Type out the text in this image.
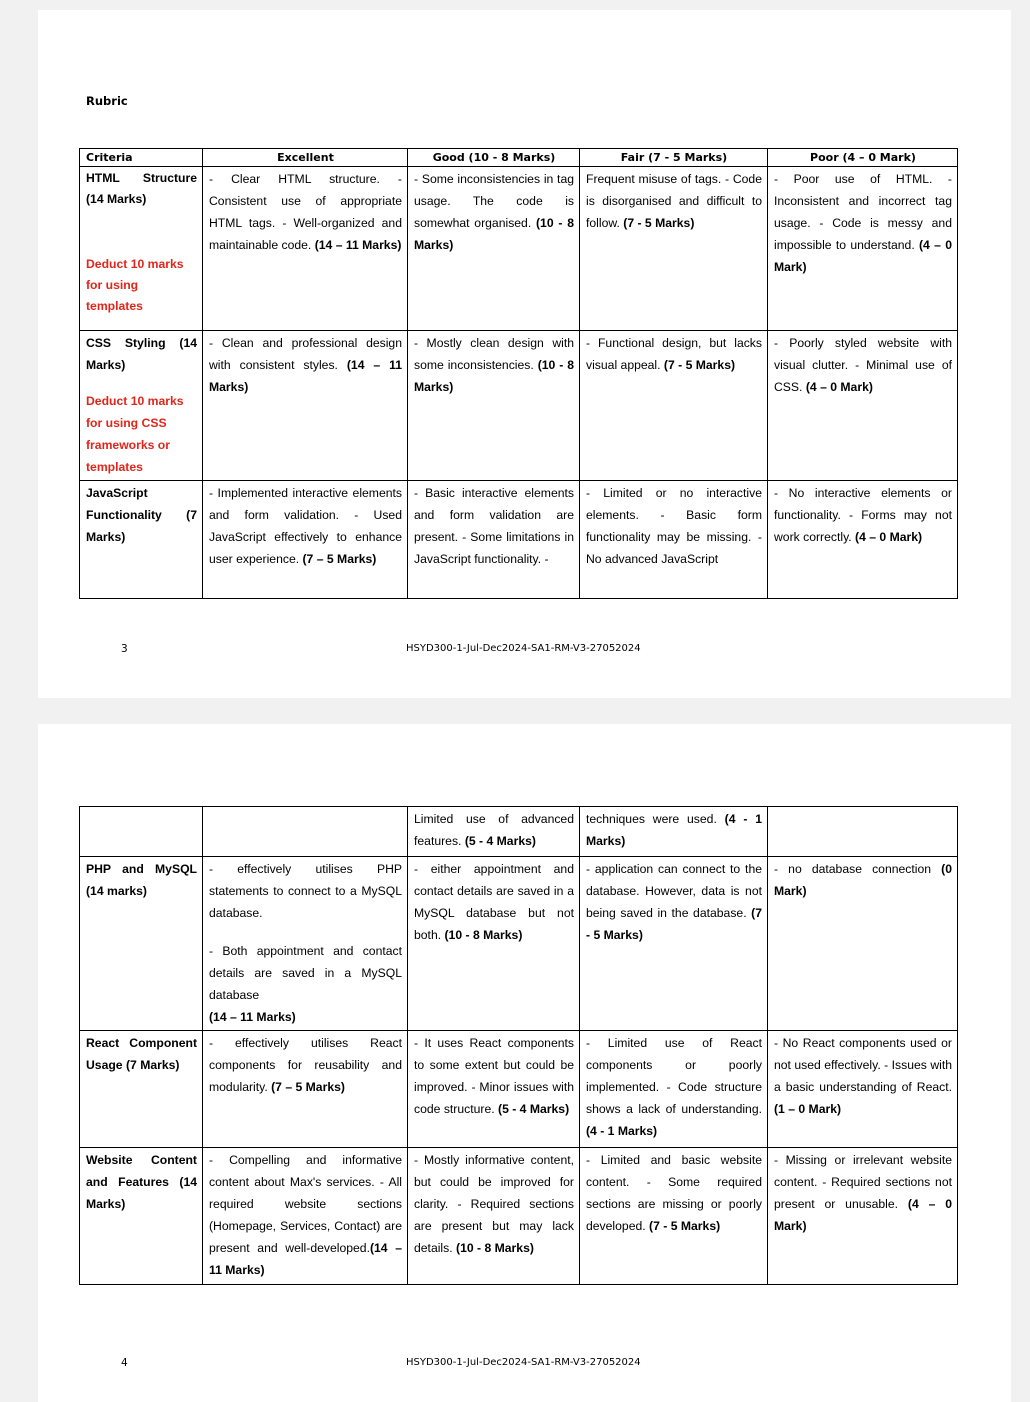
Rubric
Criteria	Excellent	Good (10 - 8 Marks)	Fair (7 - 5 Marks)	Poor (4 – 0 Mark)

HTML Structure
(14 Marks)
Deduct 10 marks for using templates	- Clear HTML structure. - Consistent use of appropriate HTML tags. - Well-organized and maintainable code. (14 – 11 Marks)	- Some inconsistencies in tag usage. The code is somewhat organised. (10 - 8 Marks)	Frequent misuse of tags. - Code is disorganised and difficult to follow. (7 - 5 Marks)	- Poor use of HTML. - Inconsistent and incorrect tag usage. - Code is messy and impossible to understand. (4 – 0 Mark)

CSS Styling (14
Marks)
Deduct 10 marks for using CSS frameworks or templates	- Clean and professional design with consistent styles. (14 – 11 Marks)	- Mostly clean design with some inconsistencies. (10 - 8 Marks)	- Functional design, but lacks visual appeal. (7 - 5 Marks)	- Poorly styled website with visual clutter. - Minimal use of CSS. (4 – 0 Mark)

JavaScript
Functionality (7
Marks)	- Implemented interactive elements and form validation. - Used JavaScript effectively to enhance user experience. (7 – 5 Marks)	- Basic interactive elements and form validation are present. - Some limitations in JavaScript functionality. -	- Limited or no interactive elements. - Basic form functionality may be missing. - No advanced JavaScript	- No interactive elements or functionality. - Forms may not work correctly. (4 – 0 Mark)
3	HSYD300-1-Jul-Dec2024-SA1-RM-V3-27052024
		Limited use of advanced features. (5 - 4 Marks)	techniques were used. (4 - 1 Marks)	

PHP and MySQL
(14 marks)	- effectively utilises PHP statements to connect to a MySQL database.
- Both appointment and contact details are saved in a MySQL database
(14 – 11 Marks)	- either appointment and contact details are saved in a MySQL database but not both. (10 - 8 Marks)	- application can connect to the database. However, data is not being saved in the database. (7 - 5 Marks)	- no database connection (0 Mark)

React Component
Usage (7 Marks)	- effectively utilises React components for reusability and modularity. (7 – 5 Marks)	- It uses React components to some extent but could be improved. - Minor issues with code structure. (5 - 4 Marks)	- Limited use of React components or poorly implemented. - Code structure shows a lack of understanding. (4 - 1 Marks)	- No React components used or not used effectively. - Issues with a basic understanding of React. (1 – 0 Mark)

Website Content
and Features (14
Marks)	- Compelling and informative content about Max's services. - All required website sections (Homepage, Services, Contact) are present and well-developed.(14 – 11 Marks)	- Mostly informative content, but could be improved for clarity. - Required sections are present but may lack details. (10 - 8 Marks)	- Limited and basic website content. - Some required sections are missing or poorly developed. (7 - 5 Marks)	- Missing or irrelevant website content. - Required sections not present or unusable. (4 – 0 Mark)
4	HSYD300-1-Jul-Dec2024-SA1-RM-V3-27052024
